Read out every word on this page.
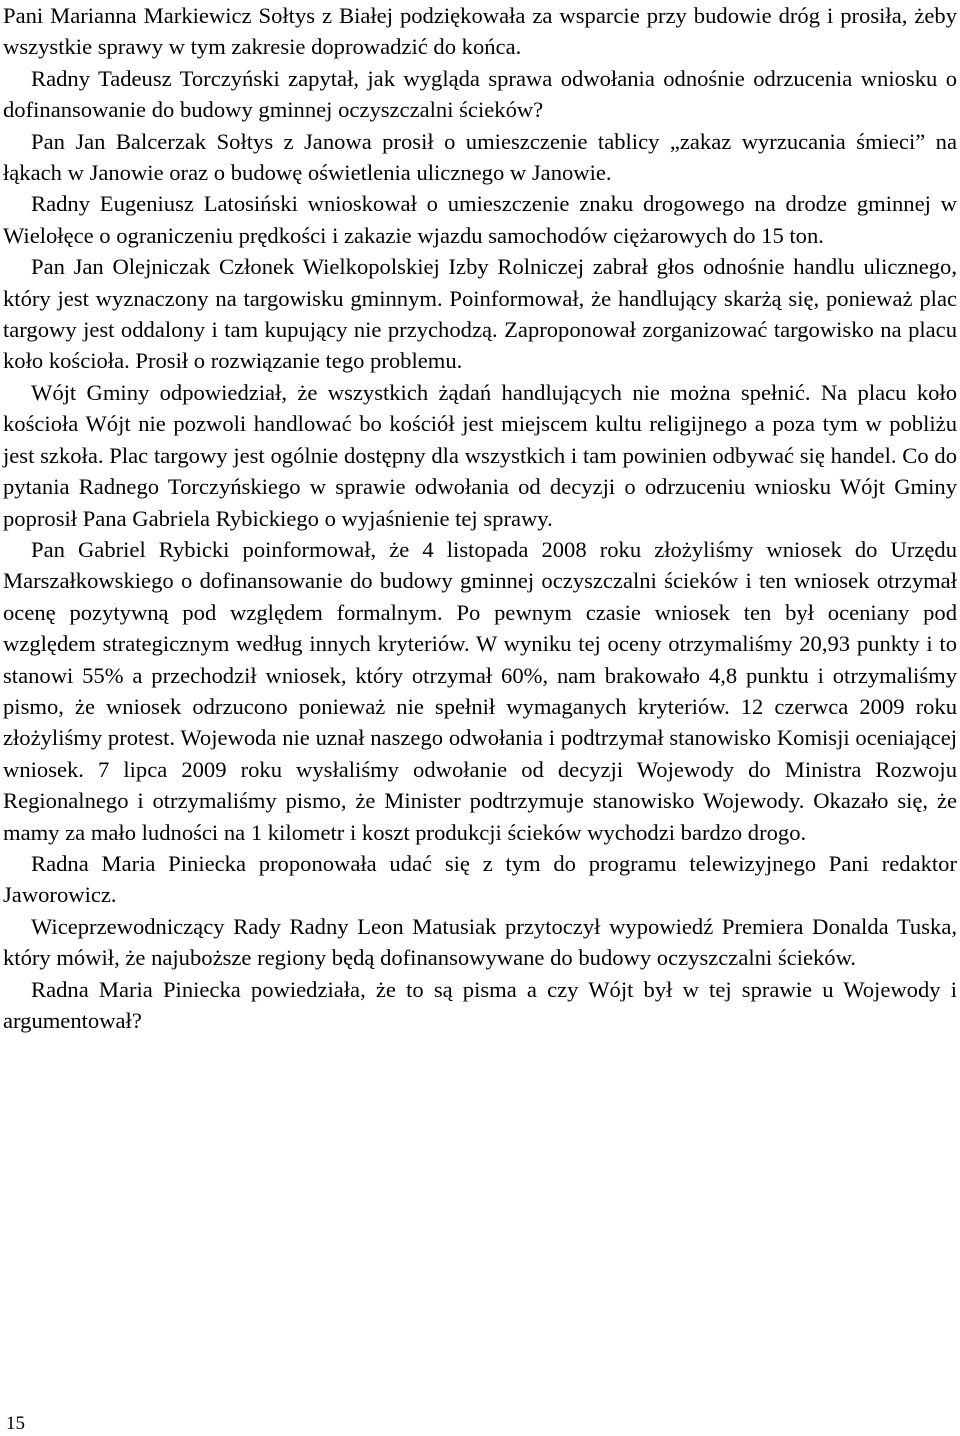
Pani Marianna Markiewicz Sołtys z Białej podziękowała za wsparcie przy budowie dróg i prosiła, żeby wszystkie sprawy w tym zakresie doprowadzić do końca.

Radny Tadeusz Torczyński zapytał, jak wygląda sprawa odwołania odnośnie odrzucenia wniosku o dofinansowanie do budowy gminnej oczyszczalni ścieków?

Pan Jan Balcerzak Sołtys z Janowa prosił o umieszczenie tablicy „zakaz wyrzucania śmieci” na łąkach w Janowie oraz o budowę oświetlenia ulicznego w Janowie.

Radny Eugeniusz Latosiński wnioskował o umieszczenie znaku drogowego na drodze gminnej w Wielołęce o ograniczeniu prędkości i zakazie wjazdu samochodów ciężarowych do 15 ton.

Pan Jan Olejniczak Członek Wielkopolskiej Izby Rolniczej zabrał głos odnośnie handlu ulicznego, który jest wyznaczony na targowisku gminnym. Poinformował, że handlujący skarżą się, ponieważ plac targowy jest oddalony i tam kupujący nie przychodzą. Zaproponował zorganizować targowisko na placu koło kościoła. Prosił o rozwiązanie tego problemu.

Wójt Gminy odpowiedział, że wszystkich żądań handlujących nie można spełnić. Na placu koło kościoła Wójt nie pozwoli handlować bo kościół jest miejscem kultu religijnego a poza tym w pobliżu jest szkoła. Plac targowy jest ogólnie dostępny dla wszystkich i tam powinien odbywać się handel. Co do pytania Radnego Torczyńskiego w sprawie odwołania od decyzji o odrzuceniu wniosku Wójt Gminy poprosił Pana Gabriela Rybickiego o wyjaśnienie tej sprawy.

Pan Gabriel Rybicki poinformował, że 4 listopada 2008 roku złożyliśmy wniosek do Urzędu Marszałkowskiego o dofinansowanie do budowy gminnej oczyszczalni ścieków i ten wniosek otrzymał ocenę pozytywną pod względem formalnym. Po pewnym czasie wniosek ten był oceniany pod względem strategicznym według innych kryteriów. W wyniku tej oceny otrzymaliśmy 20,93 punkty i to stanowi 55% a przechodził wniosek, który otrzymał 60%, nam brakowało 4,8 punktu i otrzymaliśmy pismo, że wniosek odrzucono ponieważ nie spełnił wymaganych kryteriów. 12 czerwca 2009 roku złożyliśmy protest. Wojewoda nie uznał naszego odwołania i podtrzymał stanowisko Komisji oceniającej wniosek. 7 lipca 2009 roku wysłaliśmy odwołanie od decyzji Wojewody do Ministra Rozwoju Regionalnego i otrzymaliśmy pismo, że Minister podtrzymuje stanowisko Wojewody. Okazało się, że mamy za mało ludności na 1 kilometr i koszt produkcji ścieków wychodzi bardzo drogo.

Radna Maria Piniecka proponowała udać się z tym do programu telewizyjnego Pani redaktor Jaworowicz.

Wiceprzewodniczący Rady Radny Leon Matusiak przytoczył wypowiedź Premiera Donalda Tuska, który mówił, że najuboższe regiony będą dofinansowywane do budowy oczyszczalni ścieków.

Radna Maria Piniecka powiedziała, że to są pisma a czy Wójt był w tej sprawie u Wojewody i argumentował?

15
